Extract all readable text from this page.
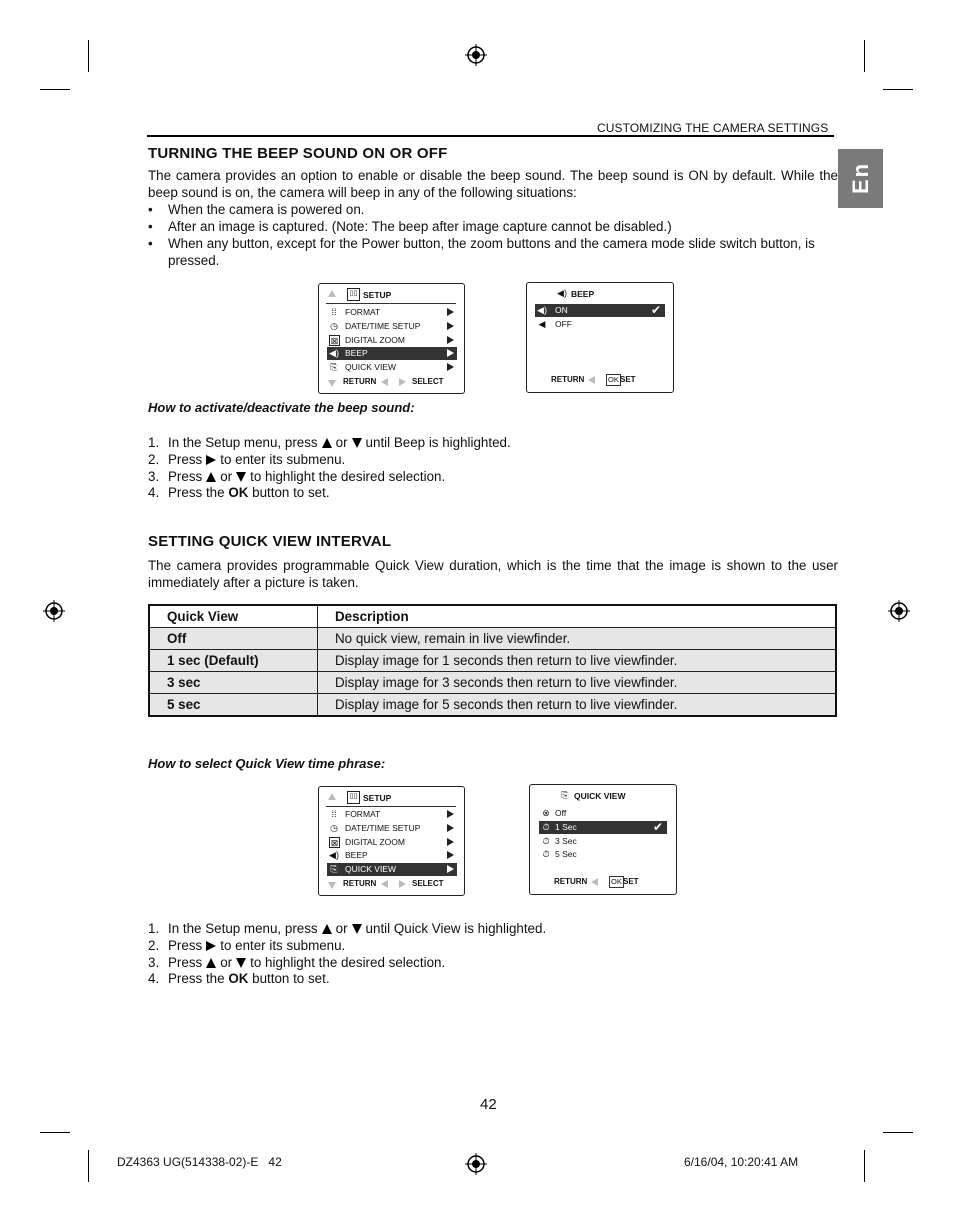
CUSTOMIZING THE CAMERA SETTINGS
En
TURNING THE BEEP SOUND ON OR OFF
The camera provides an option to enable or disable the beep sound. The beep sound is ON by default. While the beep sound is on, the camera will beep in any of the following situations:
• When the camera is powered on.
• After an image is captured. (Note: The beep after image capture cannot be disabled.)
• When any button, except for the Power button, the zoom buttons and the camera mode slide switch button, is pressed.
▯▯ SETUP
⁞⁞ FORMAT
◷ DATE/TIME SETUP
⊠ DIGITAL ZOOM
◀) BEEP
⎘ QUICK VIEW
RETURN	SELECT
◀) BEEP
◀) ON	✔
◀ OFF
RETURN	OK SET
How to activate/deactivate the beep sound:
1. In the Setup menu, press or until Beep is highlighted.
2. Press to enter its submenu.
3. Press or to highlight the desired selection.
4. Press the OK button to set.
SETTING QUICK VIEW INTERVAL
The camera provides programmable Quick View duration, which is the time that the image is shown to the user immediately after a picture is taken.
Quick View	Description
Off	No quick view, remain in live viewfinder.
1 sec (Default)	Display image for 1 seconds then return to live viewfinder.
3 sec	Display image for 3 seconds then return to live viewfinder.
5 sec	Display image for 5 seconds then return to live viewfinder.
How to select Quick View time phrase:
▯▯ SETUP
⁞⁞ FORMAT
◷ DATE/TIME SETUP
⊠ DIGITAL ZOOM
◀) BEEP
⎘ QUICK VIEW
RETURN	SELECT
⎘ QUICK VIEW
⊗ Off
⏱ 1 Sec	✔
⏱ 3 Sec
⏱ 5 Sec
RETURN	OK SET
1. In the Setup menu, press or until Quick View is highlighted.
2. Press to enter its submenu.
3. Press or to highlight the desired selection.
4. Press the OK button to set.
42
DZ4363 UG(514338-02)-E   42	6/16/04, 10:20:41 AM
